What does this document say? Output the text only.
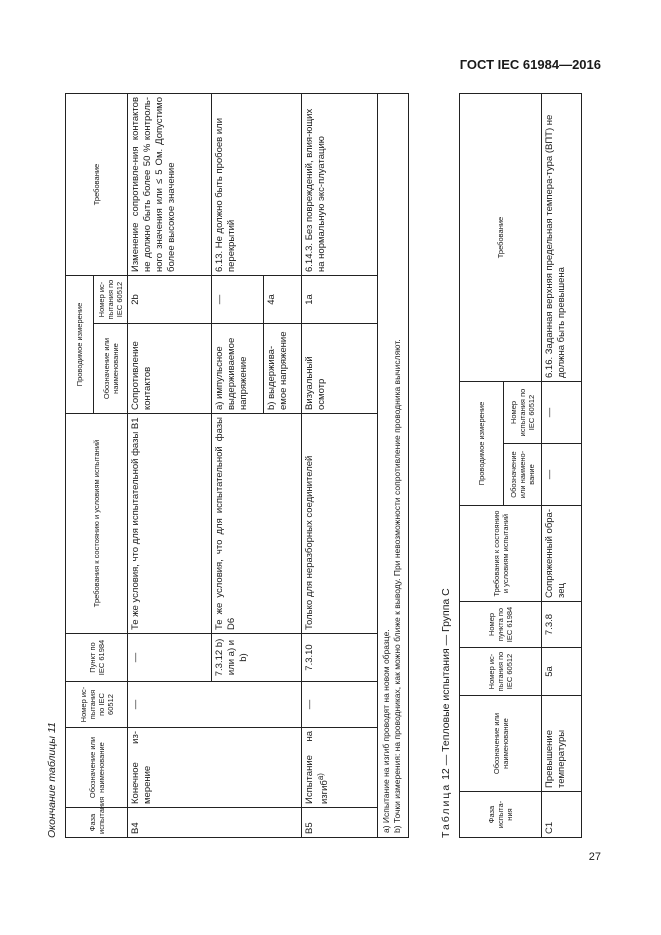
ГОСТ IEC 61984—2016
Окончание таблицы 11	Фаза испытания	Обозначение или наименование	Номер ис-пытания по IEC 60512	Пункт по IEC 61984	Требования к состоянию и условиям испытаний	Проводимое измерение		Требование
					Обозначение или наименование	Номер ис-пытания по IEC 60512	
B4	Конечное из-мерение	—	—	Те же условия, что для испытательной фазы B1	Сопротивление контактов	2b	Изменение сопротивле-ния контактов не должно быть более 50 % контроль-ного значения или ≤ 5 Ом. Допустимо более высокое значение
			7.3.12 b) или a) и b)	Те же условия, что для испытательной фазы D6	а) импульсное выдерживаемое напряжение	—	6.13. Не должно быть пробоев или перекрытий
					b) выдержива-емое напряжение	4a	
B5	Испытание на изгиб$^{a)}$	—	7.3.10	Только для неразборных соединителей	Визуальный осмотр	1a	6.14.3. Без повреждений, влия-ющих на нормальную экс-плуатацию

а) Испытание на изгиб проводят на новом образце. b) Точки измерения: на проводниках, как можно ближе к выводу. При невозможности сопротивление проводника вычисляют.								Таблица 12 — Тепловые испытания — Группа С
Фаза испыта-ния	Обозначение или наименование	Номер ис-пытания по IEC 60512	Номер пункта по IEC 61984	Требования к состоянию и условиям испытаний	Проводимое измерение		Требование
					Обозначение или наимено-вание	Номер испытания по IEC 60512	
C1	Превышение температуры	5a	7.3.8	Сопряженный обра-зец	—	—	6.16. Заданная верхняя предельная темпера-тура (ВПТ) не должна быть превышена
27
